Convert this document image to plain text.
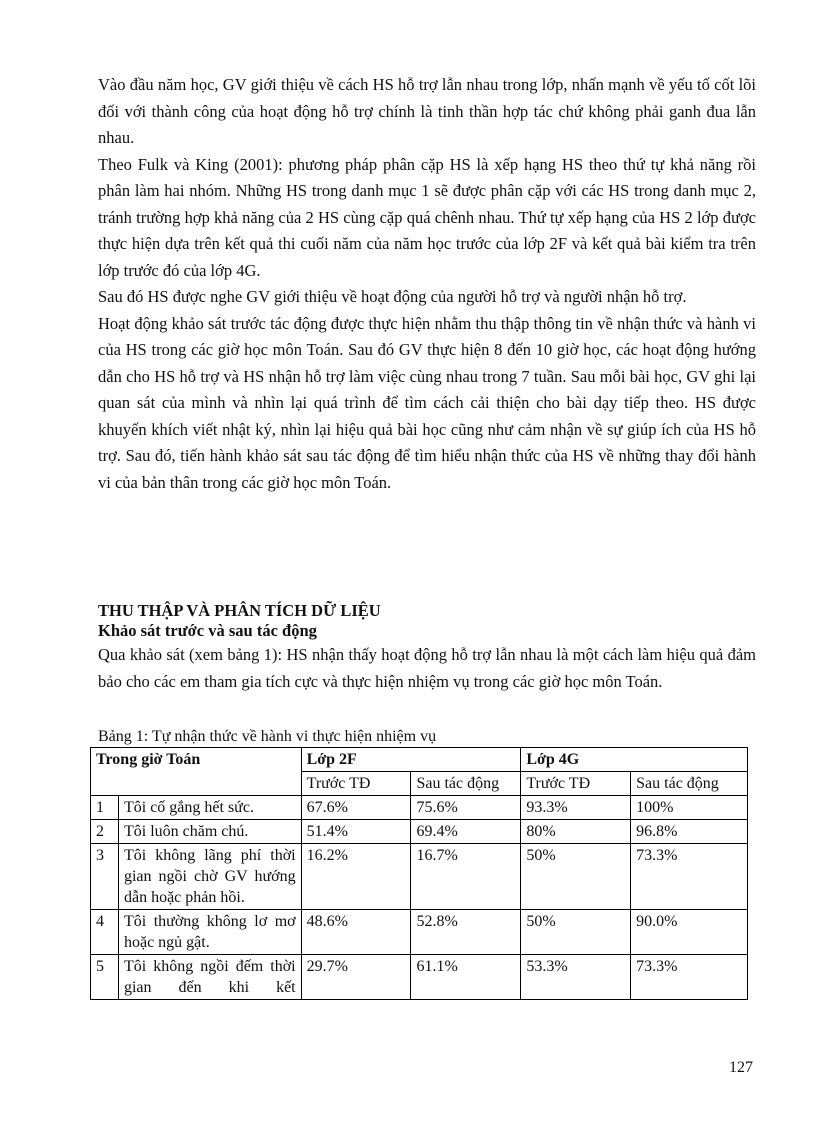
Vào đầu năm học, GV giới thiệu về cách HS hỗ trợ lẫn nhau trong lớp, nhấn mạnh về yếu tố cốt lõi đối với thành công của hoạt động hỗ trợ chính là tinh thần hợp tác chứ không phải ganh đua lẫn nhau.

Theo Fulk và King (2001): phương pháp phân cặp HS là xếp hạng HS theo thứ tự khả năng rồi phân làm hai nhóm. Những HS trong danh mục 1 sẽ được phân cặp với các HS trong danh mục 2, tránh trường hợp khả năng của 2 HS cùng cặp quá chênh nhau. Thứ tự xếp hạng của HS 2 lớp được thực hiện dựa trên kết quả thi cuối năm của năm học trước của lớp 2F và kết quả bài kiểm tra trên lớp trước đó của lớp 4G.

Sau đó HS được nghe GV giới thiệu về hoạt động của người hỗ trợ và người nhận hỗ trợ.

Hoạt động khảo sát trước tác động được thực hiện nhằm thu thập thông tin về nhận thức và hành vi của HS trong các giờ học môn Toán. Sau đó GV thực hiện 8 đến 10 giờ học, các hoạt động hướng dẫn cho HS hỗ trợ và HS nhận hỗ trợ làm việc cùng nhau trong 7 tuần. Sau mỗi bài học, GV ghi lại quan sát của mình và nhìn lại quá trình để tìm cách cải thiện cho bài dạy tiếp theo. HS được khuyến khích viết nhật ký, nhìn lại hiệu quả bài học cũng như cảm nhận về sự giúp ích của HS hỗ trợ. Sau đó, tiến hành khảo sát sau tác động để tìm hiểu nhận thức của HS về những thay đổi hành vi của bản thân trong các giờ học môn Toán.

THU THẬP VÀ PHÂN TÍCH DỮ LIỆU

Khảo sát trước và sau tác động

Qua khảo sát (xem bảng 1): HS nhận thấy hoạt động hỗ trợ lẫn nhau là một cách làm hiệu quả đảm bảo cho các em tham gia tích cực và thực hiện nhiệm vụ trong các giờ học môn Toán.

Bảng 1: Tự nhận thức về hành vi thực hiện nhiệm vụ

Trong giờ Toán		Lớp 2F		Lớp 4G	
		Trước TĐ	Sau tác động	Trước TĐ	Sau tác động
1	Tôi cố gắng hết sức.	67.6%	75.6%	93.3%	100%
2	Tôi luôn chăm chú.	51.4%	69.4%	80%	96.8%
3	Tôi không lãng phí thời gian ngồi chờ GV hướng dẫn hoặc phản hồi.	16.2%	16.7%	50%	73.3%
4	Tôi thường không lơ mơ hoặc ngủ gật.	48.6%	52.8%	50%	90.0%
5	Tôi không ngồi đếm thời gian đến khi kết	29.7%	61.1%	53.3%	73.3%
127
